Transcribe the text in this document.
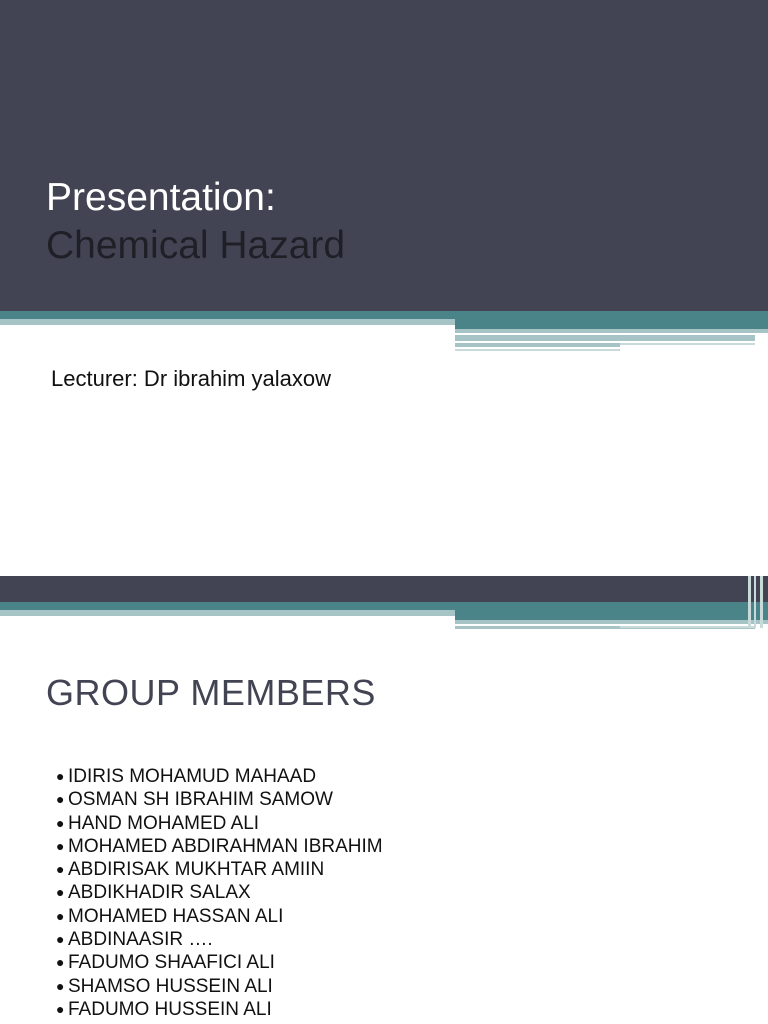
Presentation:
Chemical Hazard

Lecturer: Dr ibrahim yalaxow

GROUP MEMBERS
● IDIRIS MOHAMUD MAHAAD
● OSMAN SH IBRAHIM SAMOW
● HAND MOHAMED ALI
● MOHAMED ABDIRAHMAN IBRAHIM
● ABDIRISAK MUKHTAR AMIIN
● ABDIKHADIR SALAX
● MOHAMED HASSAN ALI
● ABDINAASIR ….
● FADUMO SHAAFICI ALI
● SHAMSO HUSSEIN ALI
● FADUMO HUSSEIN ALI
